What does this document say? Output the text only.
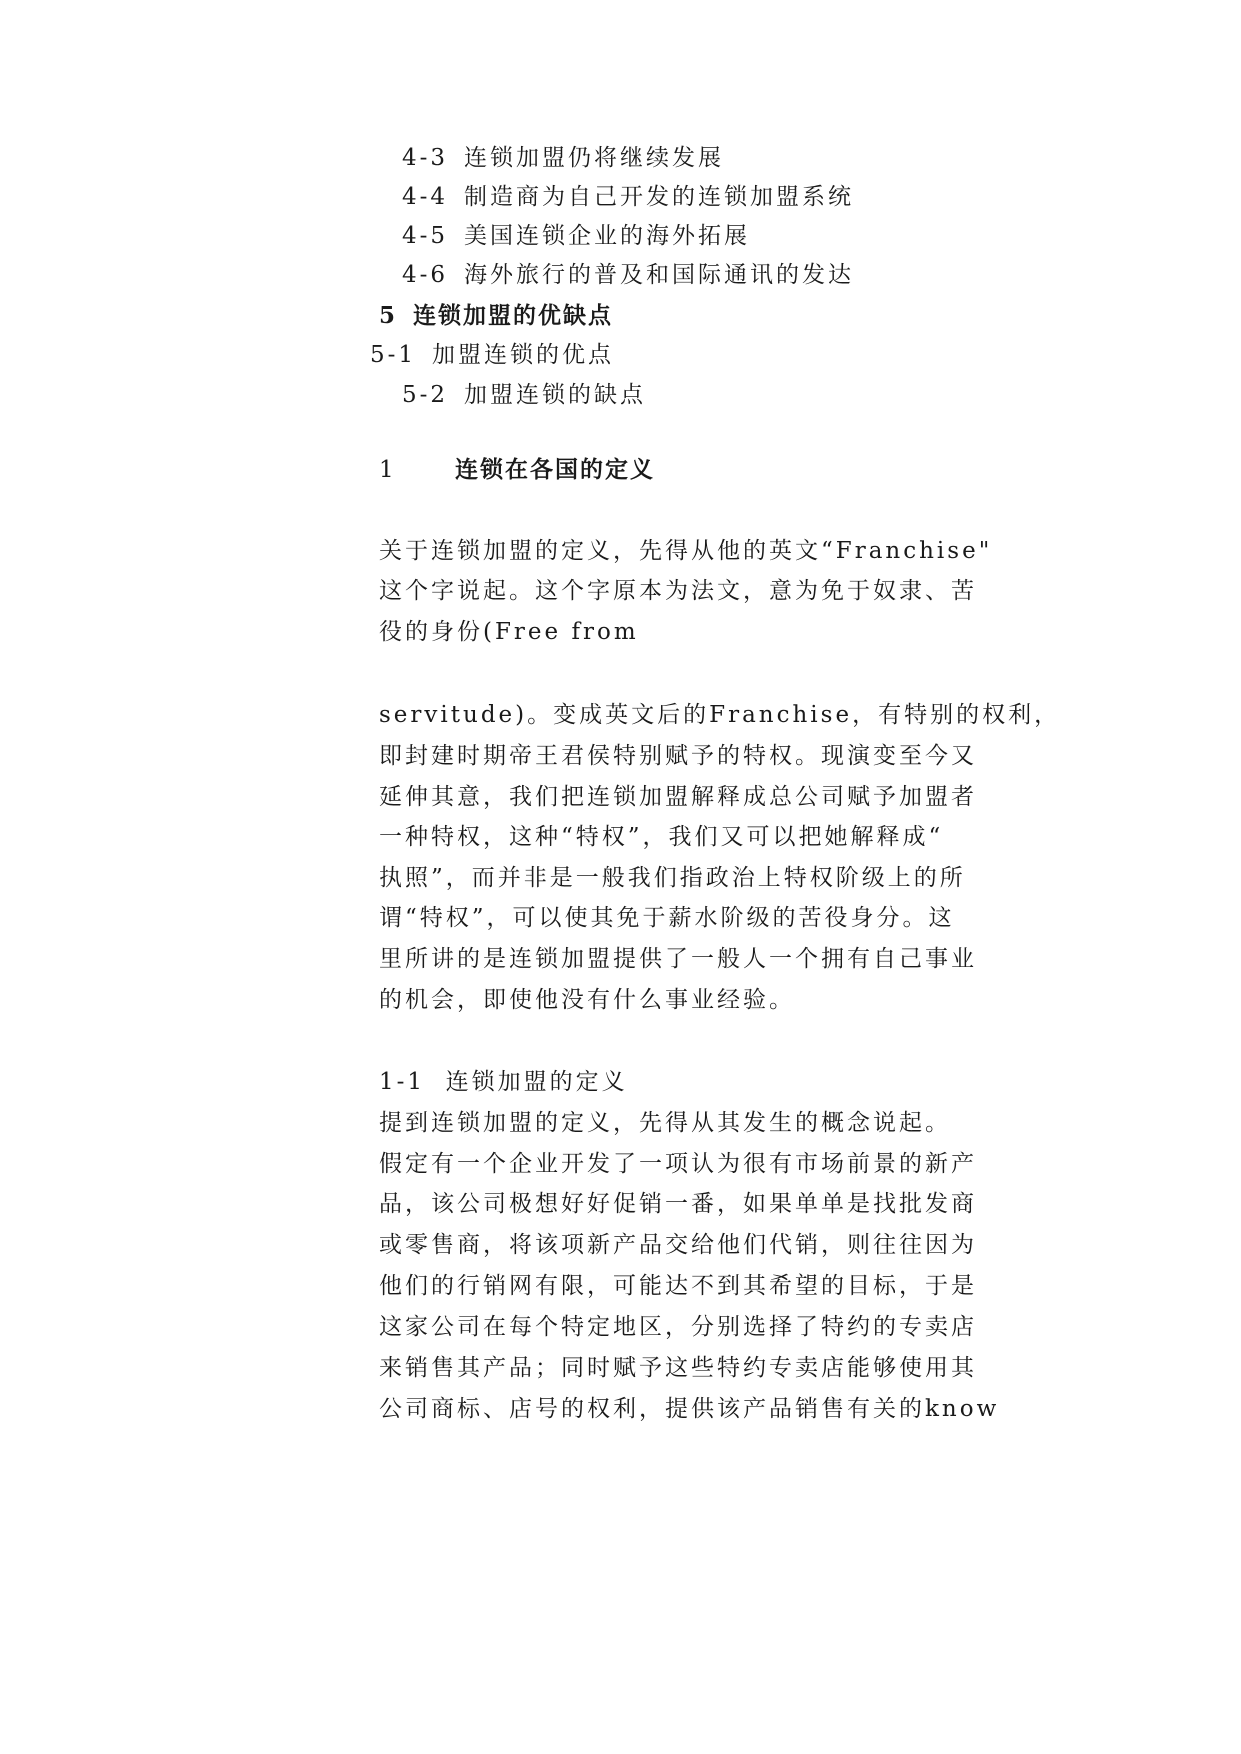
4-3 连锁加盟仍将继续发展
4-4 制造商为自己开发的连锁加盟系统
4-5 美国连锁企业的海外拓展
4-6 海外旅行的普及和国际通讯的发达
5 连锁加盟的优缺点
5-1 加盟连锁的优点
5-2 加盟连锁的缺点
1	连锁在各国的定义
关于连锁加盟的定义，先得从他的英文“Franchise"
这个字说起。这个字原本为法文，意为免于奴隶、苦
役的身份(Free from
servitude)。变成英文后的Franchise，有特别的权利，
即封建时期帝王君侯特别赋予的特权。现演变至今又
延伸其意，我们把连锁加盟解释成总公司赋予加盟者
一种特权，这种“特权”，我们又可以把她解释成“
执照”，而并非是一般我们指政治上特权阶级上的所
谓“特权”，可以使其免于薪水阶级的苦役身分。这
里所讲的是连锁加盟提供了一般人一个拥有自己事业
的机会，即使他没有什么事业经验。
1-1  连锁加盟的定义
提到连锁加盟的定义，先得从其发生的概念说起。
假定有一个企业开发了一项认为很有市场前景的新产
品，该公司极想好好促销一番，如果单单是找批发商
或零售商，将该项新产品交给他们代销，则往往因为
他们的行销网有限，可能达不到其希望的目标，于是
这家公司在每个特定地区，分别选择了特约的专卖店
来销售其产品；同时赋予这些特约专卖店能够使用其
公司商标、店号的权利，提供该产品销售有关的know
